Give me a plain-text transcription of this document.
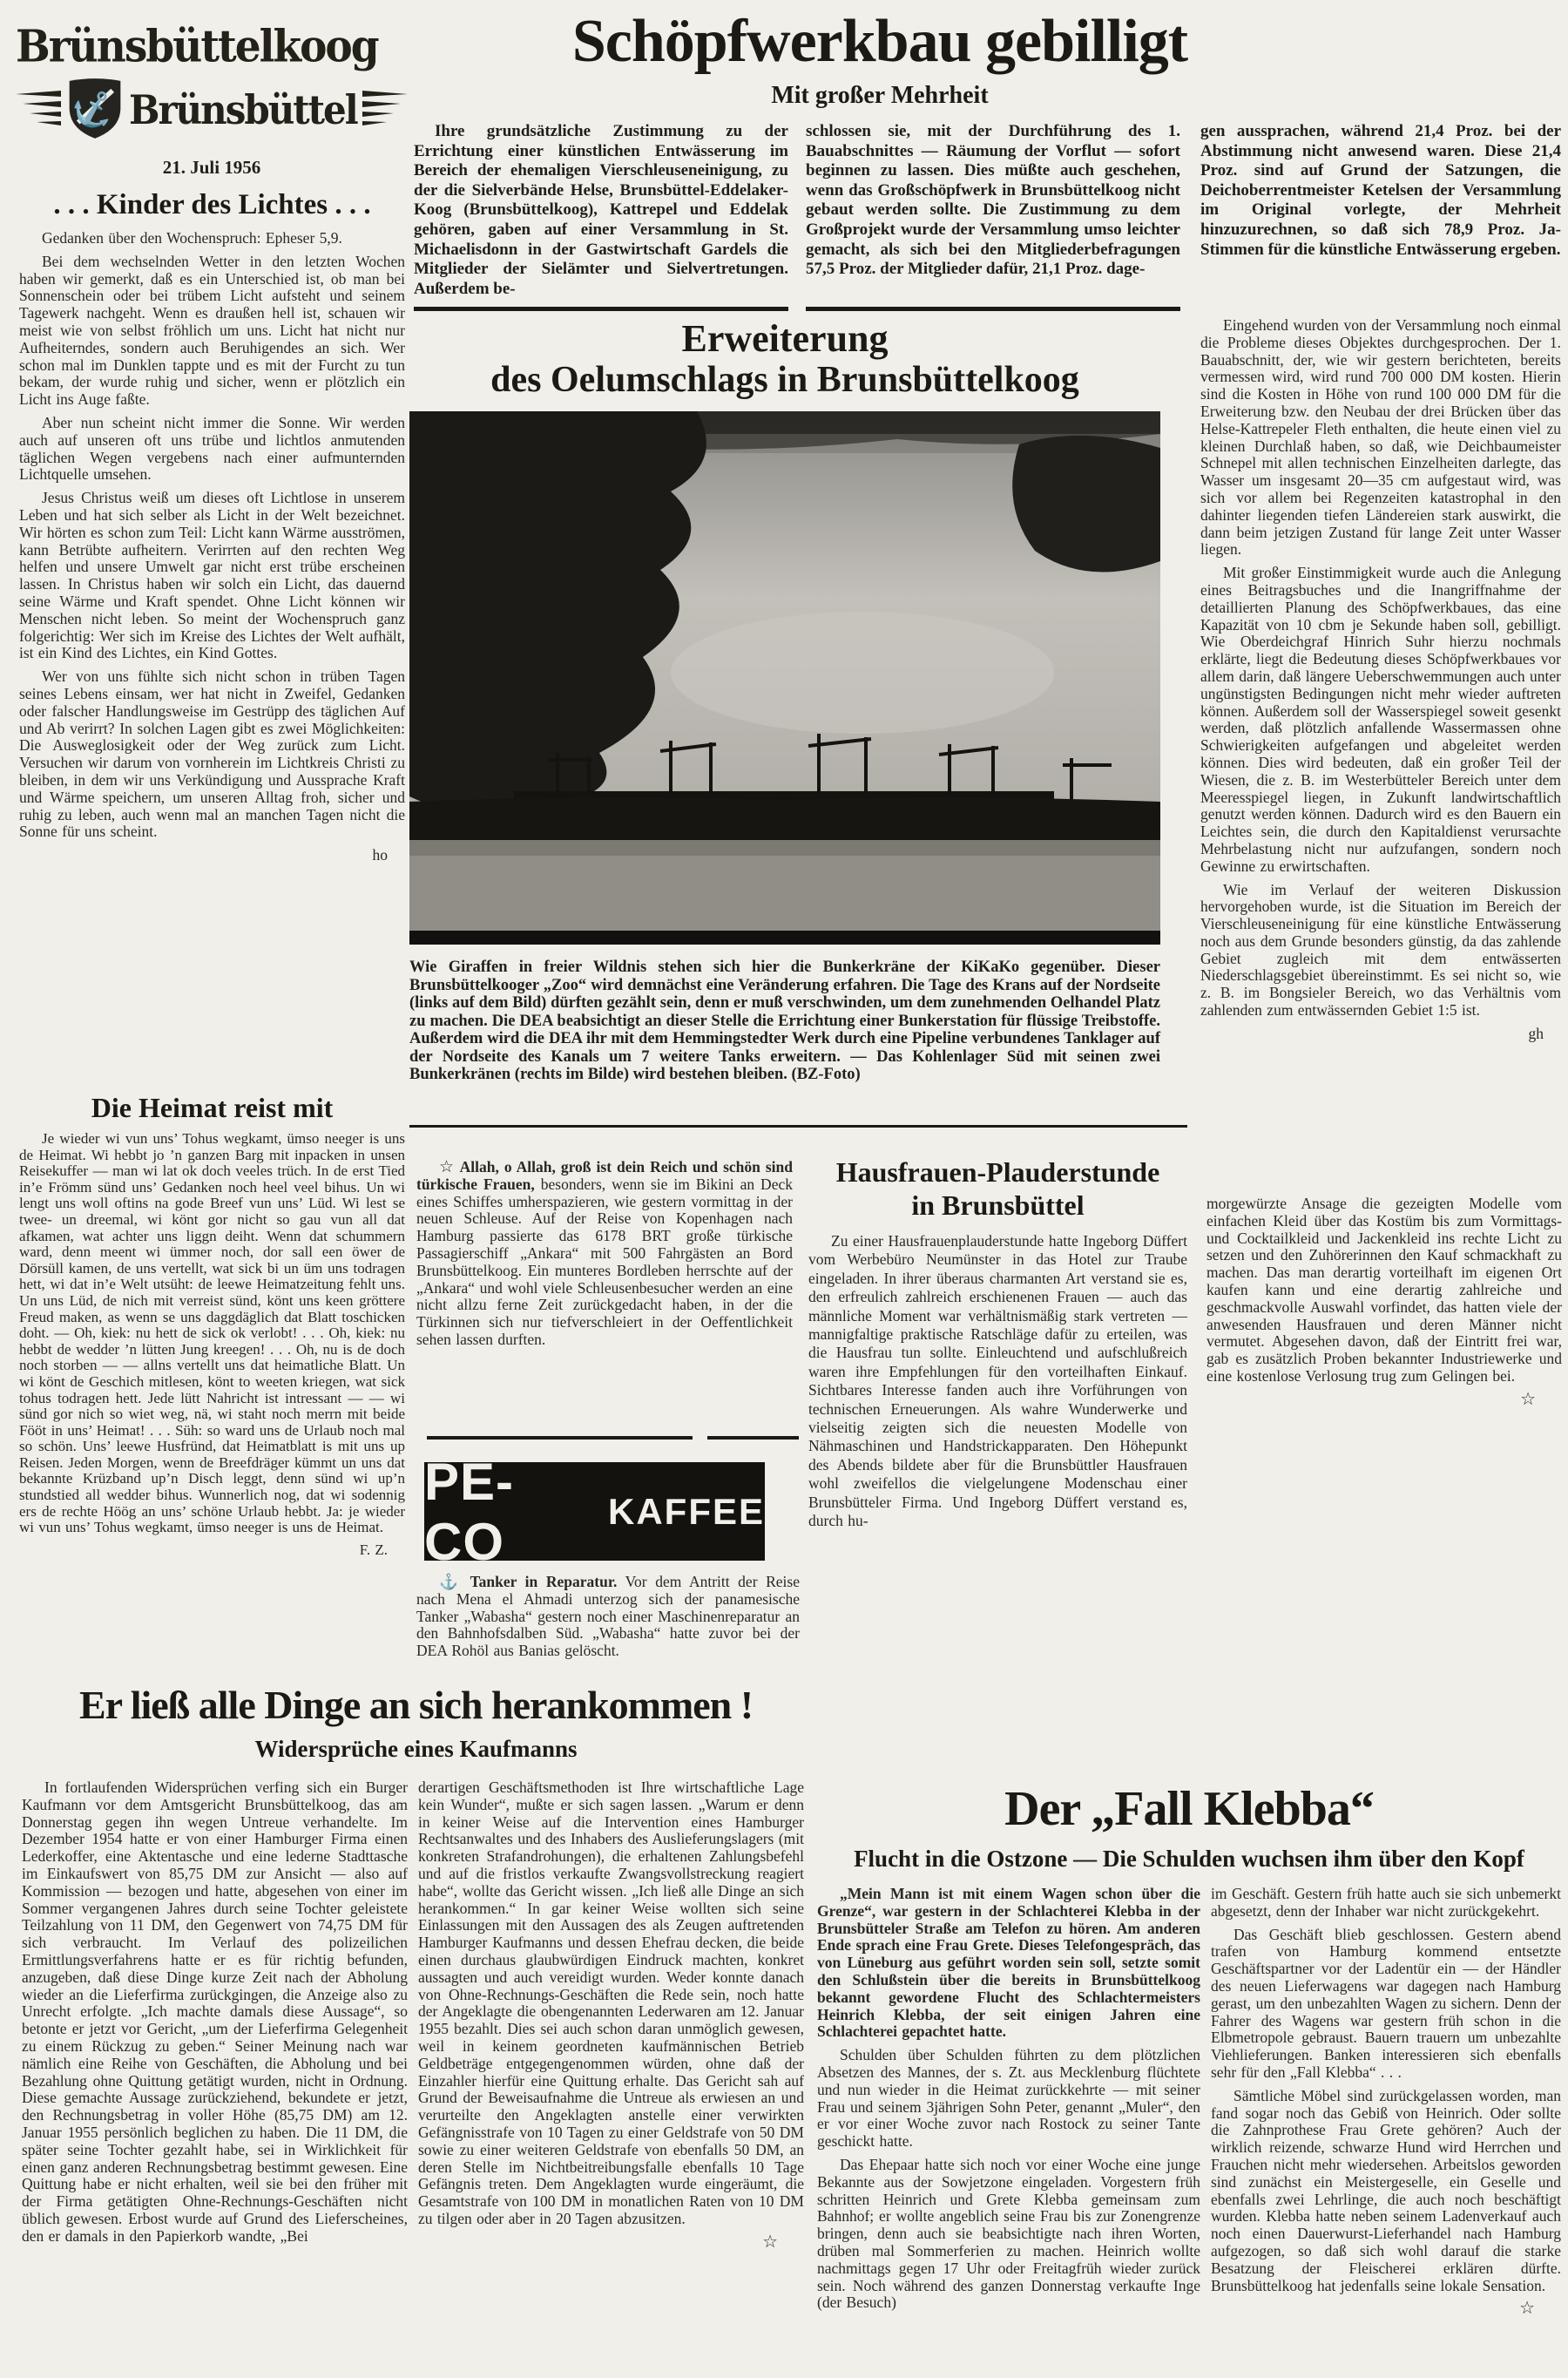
Brünsbüttelkoog
⚓ Brünsbüttel
21. Juli 1956
Schöpfwerkbau gebilligt
Mit großer Mehrheit

Ihre grundsätzliche Zustimmung zu der Errichtung einer künstlichen Entwässerung im Bereich der ehemaligen Vierschleuseneinigung, zu der die Sielverbände Helse, Brunsbüttel-Eddelaker-Koog (Brunsbüttelkoog), Kattrepel und Eddelak gehören, gaben auf einer Versammlung in St. Michaelisdonn in der Gastwirtschaft Gardels die Mitglieder der Sielämter und Sielvertretungen. Außerdem be-

schlossen sie, mit der Durchführung des 1. Bauabschnittes — Räumung der Vorflut — sofort beginnen zu lassen. Dies müßte auch geschehen, wenn das Großschöpfwerk in Brunsbüttelkoog nicht gebaut werden sollte. Die Zustimmung zu dem Großprojekt wurde der Versammlung umso leichter gemacht, als sich bei den Mitgliederbefragungen 57,5 Proz. der Mitglieder dafür, 21,1 Proz. dage-

gen aussprachen, während 21,4 Proz. bei der Abstimmung nicht anwesend waren. Diese 21,4 Proz. sind auf Grund der Satzungen, die Deichoberrentmeister Ketelsen der Versammlung im Original vorlegte, der Mehrheit hinzuzurechnen, so daß sich 78,9 Proz. Ja-Stimmen für die künstliche Entwässerung ergeben.

Eingehend wurden von der Versammlung noch einmal die Probleme dieses Objektes durchgesprochen. Der 1. Bauabschnitt, der, wie wir gestern berichteten, bereits vermessen wird, wird rund 700 000 DM kosten. Hierin sind die Kosten in Höhe von rund 100 000 DM für die Erweiterung bzw. den Neubau der drei Brücken über das Helse-Kattrepeler Fleth enthalten, die heute einen viel zu kleinen Durchlaß haben, so daß, wie Deichbaumeister Schnepel mit allen technischen Einzelheiten darlegte, das Wasser um insgesamt 20—35 cm aufgestaut wird, was sich vor allem bei Regenzeiten katastrophal in den dahinter liegenden tiefen Ländereien stark auswirkt, die dann beim jetzigen Zustand für lange Zeit unter Wasser liegen.

Mit großer Einstimmigkeit wurde auch die Anlegung eines Beitragsbuches und die Inangriffnahme der detaillierten Planung des Schöpfwerkbaues, das eine Kapazität von 10 cbm je Sekunde haben soll, gebilligt. Wie Oberdeichgraf Hinrich Suhr hierzu nochmals erklärte, liegt die Bedeutung dieses Schöpfwerkbaues vor allem darin, daß längere Ueberschwemmungen auch unter ungünstigsten Bedingungen nicht mehr wieder auftreten können. Außerdem soll der Wasserspiegel soweit gesenkt werden, daß plötzlich anfallende Wassermassen ohne Schwierigkeiten aufgefangen und abgeleitet werden können. Dies wird bedeuten, daß ein großer Teil der Wiesen, die z. B. im Westerbütteler Bereich unter dem Meeresspiegel liegen, in Zukunft landwirtschaftlich genutzt werden können. Dadurch wird es den Bauern ein Leichtes sein, die durch den Kapitaldienst verursachte Mehrbelastung nicht nur aufzufangen, sondern noch Gewinne zu erwirtschaften.

Wie im Verlauf der weiteren Diskussion hervorgehoben wurde, ist die Situation im Bereich der Vierschleuseneinigung für eine künstliche Entwässerung noch aus dem Grunde besonders günstig, da das zahlende Gebiet zugleich mit dem entwässerten Niederschlagsgebiet übereinstimmt. Es sei nicht so, wie z. B. im Bongsieler Bereich, wo das Verhältnis vom zahlenden zum entwässernden Gebiet 1:5 ist.

gh
Erweiterung
des Oelumschlags in Brunsbüttelkoog
Wie Giraffen in freier Wildnis stehen sich hier die Bunkerkräne der KiKaKo gegenüber. Dieser Brunsbüttelkooger „Zoo“ wird demnächst eine Veränderung erfahren. Die Tage des Krans auf der Nordseite (links auf dem Bild) dürften gezählt sein, denn er muß verschwinden, um dem zunehmenden Oelhandel Platz zu machen. Die DEA beabsichtigt an dieser Stelle die Errichtung einer Bunkerstation für flüssige Treibstoffe. Außerdem wird die DEA ihr mit dem Hemmingstedter Werk durch eine Pipeline verbundenes Tanklager auf der Nordseite des Kanals um 7 weitere Tanks erweitern. — Das Kohlenlager Süd mit seinen zwei Bunkerkränen (rechts im Bilde) wird bestehen bleiben. (BZ-Foto)
. . . Kinder des Lichtes . . .

Gedanken über den Wochenspruch: Epheser 5,9.

Bei dem wechselnden Wetter in den letzten Wochen haben wir gemerkt, daß es ein Unterschied ist, ob man bei Sonnenschein oder bei trübem Licht aufsteht und seinem Tagewerk nachgeht. Wenn es draußen hell ist, schauen wir meist wie von selbst fröhlich um uns. Licht hat nicht nur Aufheiterndes, sondern auch Beruhigendes an sich. Wer schon mal im Dunklen tappte und es mit der Furcht zu tun bekam, der wurde ruhig und sicher, wenn er plötzlich ein Licht ins Auge faßte.

Aber nun scheint nicht immer die Sonne. Wir werden auch auf unseren oft uns trübe und lichtlos anmutenden täglichen Wegen vergebens nach einer aufmunternden Lichtquelle umsehen.

Jesus Christus weiß um dieses oft Lichtlose in unserem Leben und hat sich selber als Licht in der Welt bezeichnet. Wir hörten es schon zum Teil: Licht kann Wärme ausströmen, kann Betrübte aufheitern. Verirrten auf den rechten Weg helfen und unsere Umwelt gar nicht erst trübe erscheinen lassen. In Christus haben wir solch ein Licht, das dauernd seine Wärme und Kraft spendet. Ohne Licht können wir Menschen nicht leben. So meint der Wochenspruch ganz folgerichtig: Wer sich im Kreise des Lichtes der Welt aufhält, ist ein Kind des Lichtes, ein Kind Gottes.

Wer von uns fühlte sich nicht schon in trüben Tagen seines Lebens einsam, wer hat nicht in Zweifel, Gedanken oder falscher Handlungsweise im Gestrüpp des täglichen Auf und Ab verirrt? In solchen Lagen gibt es zwei Möglichkeiten: Die Ausweglosigkeit oder der Weg zurück zum Licht. Versuchen wir darum von vornherein im Lichtkreis Christi zu bleiben, in dem wir uns Verkündigung und Aussprache Kraft und Wärme speichern, um unseren Alltag froh, sicher und ruhig zu leben, auch wenn mal an manchen Tagen nicht die Sonne für uns scheint.

ho
Die Heimat reist mit

Je wieder wi vun uns’ Tohus wegkamt, ümso neeger is uns de Heimat. Wi hebbt jo ’n ganzen Barg mit inpacken in unsen Reisekuffer — man wi lat ok doch veeles trüch. In de erst Tied in’e Frömm sünd uns’ Gedanken noch heel veel bihus. Un wi lengt uns woll oftins na gode Breef vun uns’ Lüd. Wi lest se twee- un dreemal, wi könt gor nicht so gau vun all dat afkamen, wat achter uns liggn deiht. Wenn dat schummern ward, denn meent wi ümmer noch, dor sall een öwer de Dörsüll kamen, de uns vertellt, wat sick bi un üm uns todragen hett, wi dat in’e Welt utsüht: de leewe Heimatzeitung fehlt uns. Un uns Lüd, de nich mit verreist sünd, könt uns keen gröttere Freud maken, as wenn se uns daggdäglich dat Blatt toschicken doht. — Oh, kiek: nu hett de sick ok verlobt! . . . Oh, kiek: nu hebbt de wedder ’n lütten Jung kreegen! . . . Oh, nu is de doch noch storben — — allns vertellt uns dat heimatliche Blatt. Un wi könt de Geschich mitlesen, könt to weeten kriegen, wat sick tohus todragen hett. Jede lütt Nahricht ist intressant — — wi sünd gor nich so wiet weg, nä, wi staht noch merrn mit beide Fööt in uns’ Heimat! . . . Süh: so ward uns de Urlaub noch mal so schön. Uns’ leewe Husfründ, dat Heimatblatt is mit uns up Reisen. Jeden Morgen, wenn de Breefdräger kümmt un uns dat bekannte Krüzband up’n Disch leggt, denn sünd wi up’n stundstied all wedder bihus. Wunnerlich nog, dat wi sodennig ers de rechte Höög an uns’ schöne Urlaub hebbt. Ja: je wieder wi vun uns’ Tohus wegkamt, ümso neeger is uns de Heimat.

F. Z.

☆ Allah, o Allah, groß ist dein Reich und schön sind türkische Frauen, besonders, wenn sie im Bikini an Deck eines Schiffes umherspazieren, wie gestern vormittag in der neuen Schleuse. Auf der Reise von Kopenhagen nach Hamburg passierte das 6178 BRT große türkische Passagierschiff „Ankara“ mit 500 Fahrgästen an Bord Brunsbüttelkoog. Ein munteres Bordleben herrschte auf der „Ankara“ und wohl viele Schleusenbesucher werden an eine nicht allzu ferne Zeit zurückgedacht haben, in der die Türkinnen sich nur tiefverschleiert in der Oeffentlichkeit sehen lassen durften.

PE-CO
KAFFEE

⚓ Tanker in Reparatur. Vor dem Antritt der Reise nach Mena el Ahmadi unterzog sich der panamesische Tanker „Wabasha“ gestern noch einer Maschinenreparatur an den Bahnhofsdalben Süd. „Wabasha“ hatte zuvor bei der DEA Rohöl aus Banias gelöscht.

Er ließ alle Dinge an sich herankommen !
Widersprüche eines Kaufmanns

In fortlaufenden Widersprüchen verfing sich ein Burger Kaufmann vor dem Amtsgericht Brunsbüttelkoog, das am Donnerstag gegen ihn wegen Untreue verhandelte. Im Dezember 1954 hatte er von einer Hamburger Firma einen Lederkoffer, eine Aktentasche und eine lederne Stadttasche im Einkaufswert von 85,75 DM zur Ansicht — also auf Kommission — bezogen und hatte, abgesehen von einer im Sommer vergangenen Jahres durch seine Tochter geleistete Teilzahlung von 11 DM, den Gegenwert von 74,75 DM für sich verbraucht. Im Verlauf des polizeilichen Ermittlungsverfahrens hatte er es für richtig befunden, anzugeben, daß diese Dinge kurze Zeit nach der Abholung wieder an die Lieferfirma zurückgingen, die Anzeige also zu Unrecht erfolgte. „Ich machte damals diese Aussage“, so betonte er jetzt vor Gericht, „um der Lieferfirma Gelegenheit zu einem Rückzug zu geben.“ Seiner Meinung nach war nämlich eine Reihe von Geschäften, die Abholung und bei Bezahlung ohne Quittung getätigt wurden, nicht in Ordnung. Diese gemachte Aussage zurückziehend, bekundete er jetzt, den Rechnungsbetrag in voller Höhe (85,75 DM) am 12. Januar 1955 persönlich beglichen zu haben. Die 11 DM, die später seine Tochter gezahlt habe, sei in Wirklichkeit für einen ganz anderen Rechnungsbetrag bestimmt gewesen. Eine Quittung habe er nicht erhalten, weil sie bei den früher mit der Firma getätigten Ohne-Rechnungs-Geschäften nicht üblich gewesen. Erbost wurde auf Grund des Lieferscheines, den er damals in den Papierkorb wandte, „Bei

derartigen Geschäftsmethoden ist Ihre wirtschaftliche Lage kein Wunder“, mußte er sich sagen lassen. „Warum er denn in keiner Weise auf die Intervention eines Hamburger Rechtsanwaltes und des Inhabers des Auslieferungslagers (mit konkreten Strafandrohungen), die erhaltenen Zahlungsbefehl und auf die fristlos verkaufte Zwangsvollstreckung reagiert habe“, wollte das Gericht wissen. „Ich ließ alle Dinge an sich herankommen.“ In gar keiner Weise wollten sich seine Einlassungen mit den Aussagen des als Zeugen auftretenden Hamburger Kaufmanns und dessen Ehefrau decken, die beide einen durchaus glaubwürdigen Eindruck machten, konkret aussagten und auch vereidigt wurden. Weder konnte danach von Ohne-Rechnungs-Geschäften die Rede sein, noch hatte der Angeklagte die obengenannten Lederwaren am 12. Januar 1955 bezahlt. Dies sei auch schon daran unmöglich gewesen, weil in keinem geordneten kaufmännischen Betrieb Geldbeträge entgegengenommen würden, ohne daß der Einzahler hierfür eine Quittung erhalte. Das Gericht sah auf Grund der Beweisaufnahme die Untreue als erwiesen an und verurteilte den Angeklagten anstelle einer verwirkten Gefängnisstrafe von 10 Tagen zu einer Geldstrafe von 50 DM sowie zu einer weiteren Geldstrafe von ebenfalls 50 DM, an deren Stelle im Nichtbeitreibungsfalle ebenfalls 10 Tage Gefängnis treten. Dem Angeklagten wurde eingeräumt, die Gesamtstrafe von 100 DM in monatlichen Raten von 10 DM zu tilgen oder aber in 20 Tagen abzusitzen.

☆
Hausfrauen-Plauderstunde
in Brunsbüttel

Zu einer Hausfrauenplauderstunde hatte Ingeborg Düffert vom Werbebüro Neumünster in das Hotel zur Traube eingeladen. In ihrer überaus charmanten Art verstand sie es, den erfreulich zahlreich erschienenen Frauen — auch das männliche Moment war verhältnismäßig stark vertreten — mannigfaltige praktische Ratschläge dafür zu erteilen, was die Hausfrau tun sollte. Einleuchtend und aufschlußreich waren ihre Empfehlungen für den vorteilhaften Einkauf. Sichtbares Interesse fanden auch ihre Vorführungen von technischen Erneuerungen. Als wahre Wunderwerke und vielseitig zeigten sich die neuesten Modelle von Nähmaschinen und Handstrickapparaten. Den Höhepunkt des Abends bildete aber für die Brunsbüttler Hausfrauen wohl zweifellos die vielgelungene Modenschau einer Brunsbütteler Firma. Und Ingeborg Düffert verstand es, durch hu-

morgewürzte Ansage die gezeigten Modelle vom einfachen Kleid über das Kostüm bis zum Vormittags- und Cocktailkleid und Jackenkleid ins rechte Licht zu setzen und den Zuhörerinnen den Kauf schmackhaft zu machen. Das man derartig vorteilhaft im eigenen Ort kaufen kann und eine derartig zahlreiche und geschmackvolle Auswahl vorfindet, das hatten viele der anwesenden Hausfrauen und deren Männer nicht vermutet. Abgesehen davon, daß der Eintritt frei war, gab es zusätzlich Proben bekannter Industriewerke und eine kostenlose Verlosung trug zum Gelingen bei.

☆
Der „Fall Klebba“
Flucht in die Ostzone — Die Schulden wuchsen ihm über den Kopf

„Mein Mann ist mit einem Wagen schon über die Grenze“, war gestern in der Schlachterei Klebba in der Brunsbütteler Straße am Telefon zu hören. Am anderen Ende sprach eine Frau Grete. Dieses Telefongespräch, das von Lüneburg aus geführt worden sein soll, setzte somit den Schlußstein über die bereits in Brunsbüttelkoog bekannt gewordene Flucht des Schlachtermeisters Heinrich Klebba, der seit einigen Jahren eine Schlachterei gepachtet hatte.

Schulden über Schulden führten zu dem plötzlichen Absetzen des Mannes, der s. Zt. aus Mecklenburg flüchtete und nun wieder in die Heimat zurückkehrte — mit seiner Frau und seinem 3jährigen Sohn Peter, genannt „Muler“, den er vor einer Woche zuvor nach Rostock zu seiner Tante geschickt hatte.

Das Ehepaar hatte sich noch vor einer Woche eine junge Bekannte aus der Sowjetzone eingeladen. Vorgestern früh schritten Heinrich und Grete Klebba gemeinsam zum Bahnhof; er wollte angeblich seine Frau bis zur Zonengrenze bringen, denn auch sie beabsichtigte nach ihren Worten, drüben mal Sommerferien zu machen. Heinrich wollte nachmittags gegen 17 Uhr oder Freitagfrüh wieder zurück sein. Noch während des ganzen Donnerstag verkaufte Inge (der Besuch)

im Geschäft. Gestern früh hatte auch sie sich unbemerkt abgesetzt, denn der Inhaber war nicht zurückgekehrt.

Das Geschäft blieb geschlossen. Gestern abend trafen von Hamburg kommend entsetzte Geschäftspartner vor der Ladentür ein — der Händler des neuen Lieferwagens war dagegen nach Hamburg gerast, um den unbezahlten Wagen zu sichern. Denn der Fahrer des Wagens war gestern früh schon in die Elbmetropole gebraust. Bauern trauern um unbezahlte Viehlieferungen. Banken interessieren sich ebenfalls sehr für den „Fall Klebba“ . . .

Sämtliche Möbel sind zurückgelassen worden, man fand sogar noch das Gebiß von Heinrich. Oder sollte die Zahnprothese Frau Grete gehören? Auch der wirklich reizende, schwarze Hund wird Herrchen und Frauchen nicht mehr wiedersehen. Arbeitslos geworden sind zunächst ein Meistergeselle, ein Geselle und ebenfalls zwei Lehrlinge, die auch noch beschäftigt wurden. Klebba hatte neben seinem Ladenverkauf auch noch einen Dauerwurst-Lieferhandel nach Hamburg aufgezogen, so daß sich wohl darauf die starke Besatzung der Fleischerei erklären dürfte. Brunsbüttelkoog hat jedenfalls seine lokale Sensation.

☆
